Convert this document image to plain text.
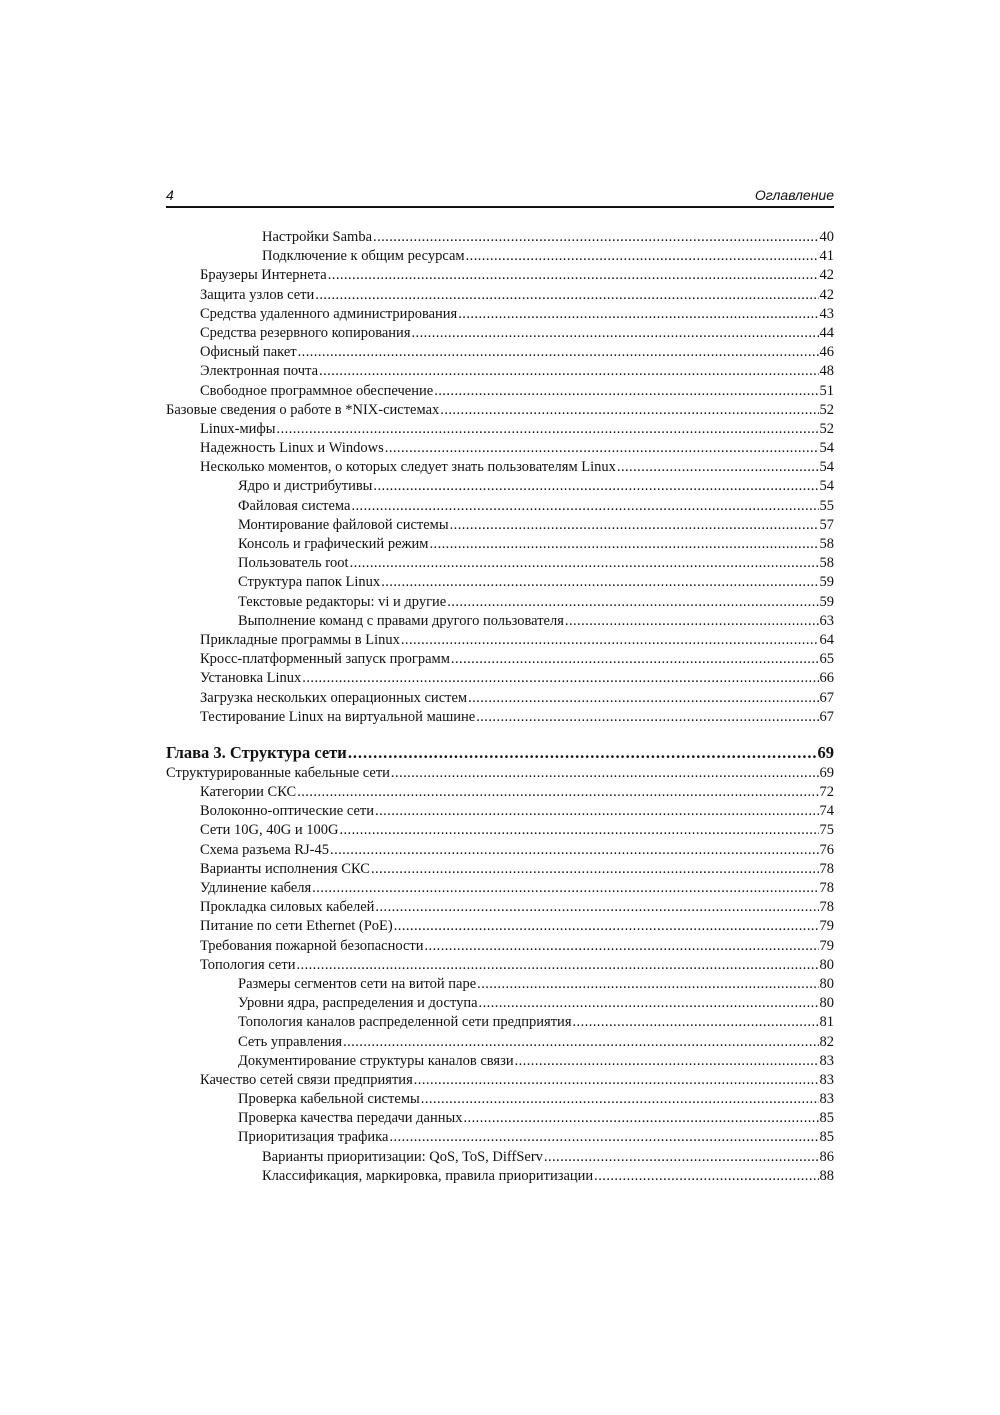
4	Оглавление
Настройки Samba . . .	40
Подключение к общим ресурсам . . .	41
Браузеры Интернета . . .	42
Защита узлов сети . . .	42
Средства удаленного администрирования . . .	43
Средства резервного копирования . . .	44
Офисный пакет . . .	46
Электронная почта . . .	48
Свободное программное обеспечение . . .	51
Базовые сведения о работе в *NIX-системах . . .	52
Linux-мифы . . .	52
Надежность Linux и Windows . . .	54
Несколько моментов, о которых следует знать пользователям Linux . . .	54
Ядро и дистрибутивы . . .	54
Файловая система . . .	55
Монтирование файловой системы . . .	57
Консоль и графический режим . . .	58
Пользователь root . . .	58
Структура папок Linux . . .	59
Текстовые редакторы: vi и другие . . .	59
Выполнение команд с правами другого пользователя . . .	63
Прикладные программы в Linux . . .	64
Кросс-платформенный запуск программ . . .	65
Установка Linux . . .	66
Загрузка нескольких операционных систем . . .	67
Тестирование Linux на виртуальной машине . . .	67
Глава 3. Структура сети . . .	69
Структурированные кабельные сети . . .	69
Категории СКС . . .	72
Волоконно-оптические сети . . .	74
Сети 10G, 40G и 100G . . .	75
Схема разъема RJ-45 . . .	76
Варианты исполнения СКС . . .	78
Удлинение кабеля . . .	78
Прокладка силовых кабелей . . .	78
Питание по сети Ethernet (PoE) . . .	79
Требования пожарной безопасности . . .	79
Топология сети . . .	80
Размеры сегментов сети на витой паре . . .	80
Уровни ядра, распределения и доступа . . .	80
Топология каналов распределенной сети предприятия . . .	81
Сеть управления . . .	82
Документирование структуры каналов связи . . .	83
Качество сетей связи предприятия . . .	83
Проверка кабельной системы . . .	83
Проверка качества передачи данных . . .	85
Приоритизация трафика . . .	85
Варианты приоритизации: QoS, ToS, DiffServ . . .	86
Классификация, маркировка, правила приоритизации . . .	88
